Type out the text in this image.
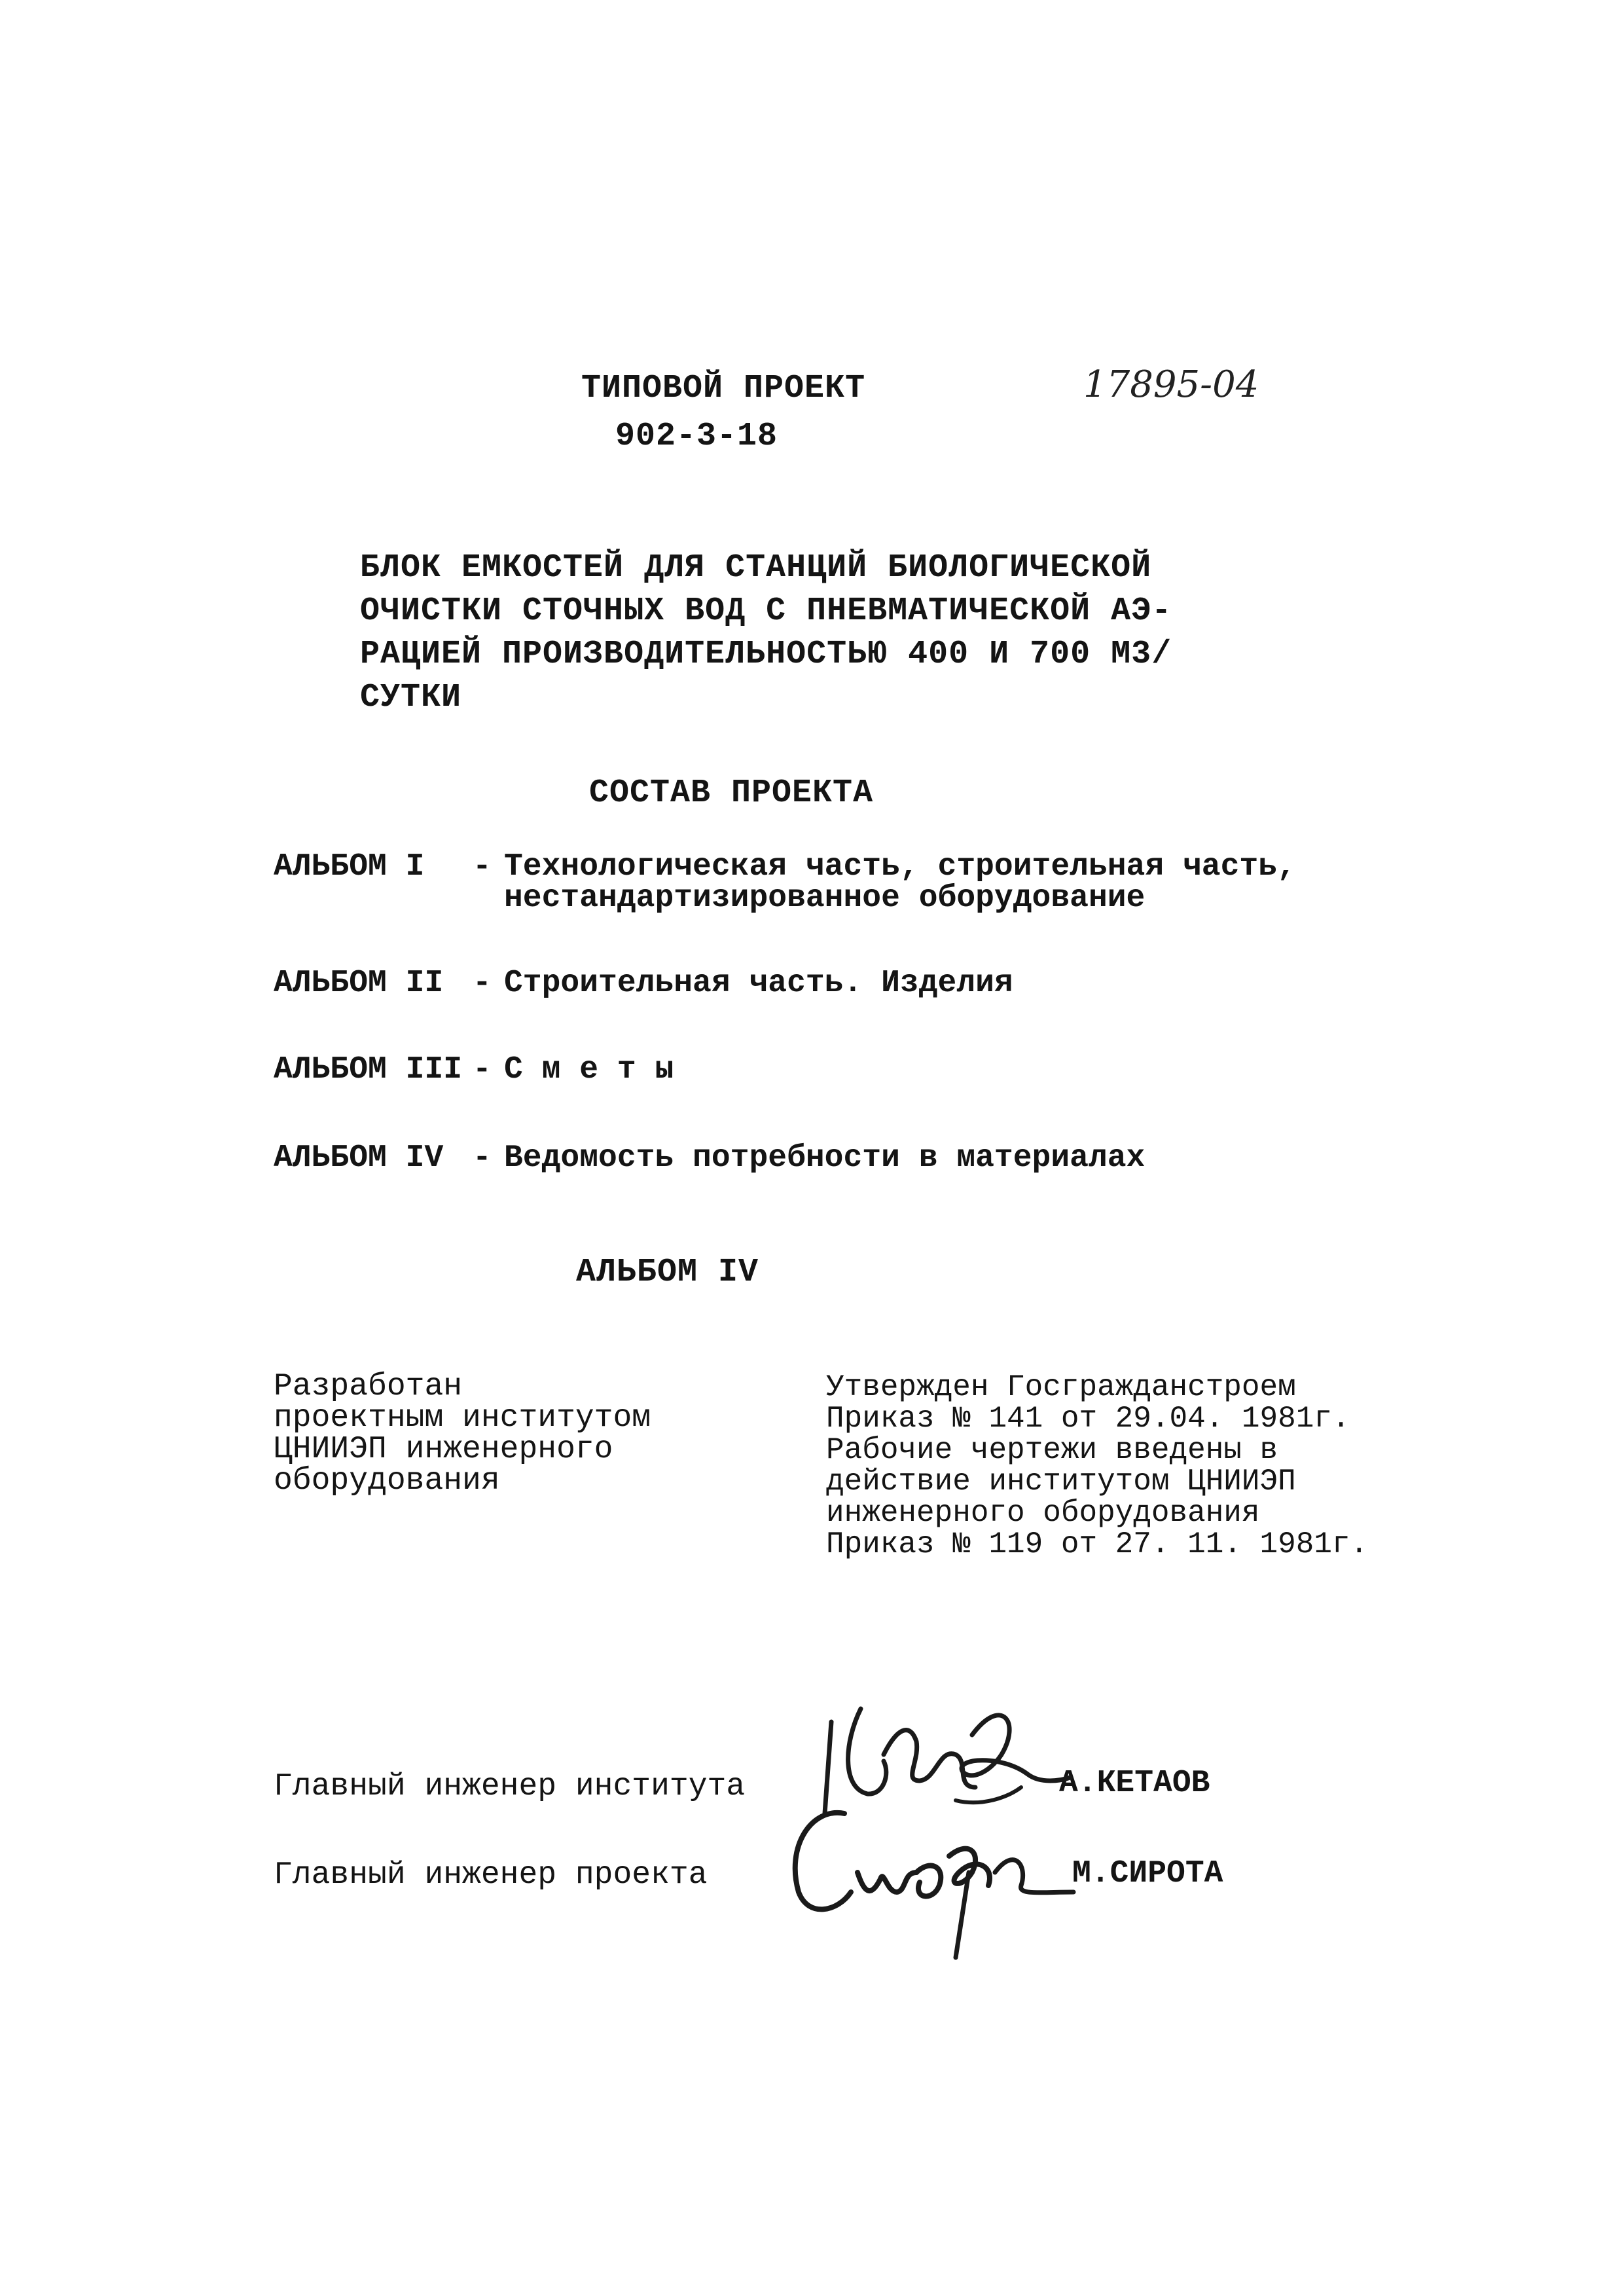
ТИПОВОЙ ПРОЕКТ	17895-04
902-3-18
БЛОК ЕМКОСТЕЙ ДЛЯ СТАНЦИЙ БИОЛОГИЧЕСКОЙ
ОЧИСТКИ СТОЧНЫХ ВОД С ПНЕВМАТИЧЕСКОЙ АЭ-
РАЦИЕЙ ПРОИЗВОДИТЕЛЬНОСТЬЮ 400 И 700 М3/
СУТКИ
СОСТАВ ПРОЕКТА
АЛЬБОМ I - Технологическая часть, строительная часть,
нестандартизированное оборудование
АЛЬБОМ II - Строительная часть. Изделия
АЛЬБОМ III - С м е т ы
АЛЬБОМ IV - Ведомость потребности в материалах
АЛЬБОМ IV
Разработан
проектным институтом
ЦНИИЭП инженерного
оборудования
Утвержден Госгражданстроем
Приказ № 141 от 29.04. 1981г.
Рабочие чертежи введены в
действие институтом ЦНИИЭП
инженерного оборудования
Приказ № 119 от 27. 11. 1981г.
Главный инженер института	А.КЕТАОВ
Главный инженер проекта	М.СИРОТА
